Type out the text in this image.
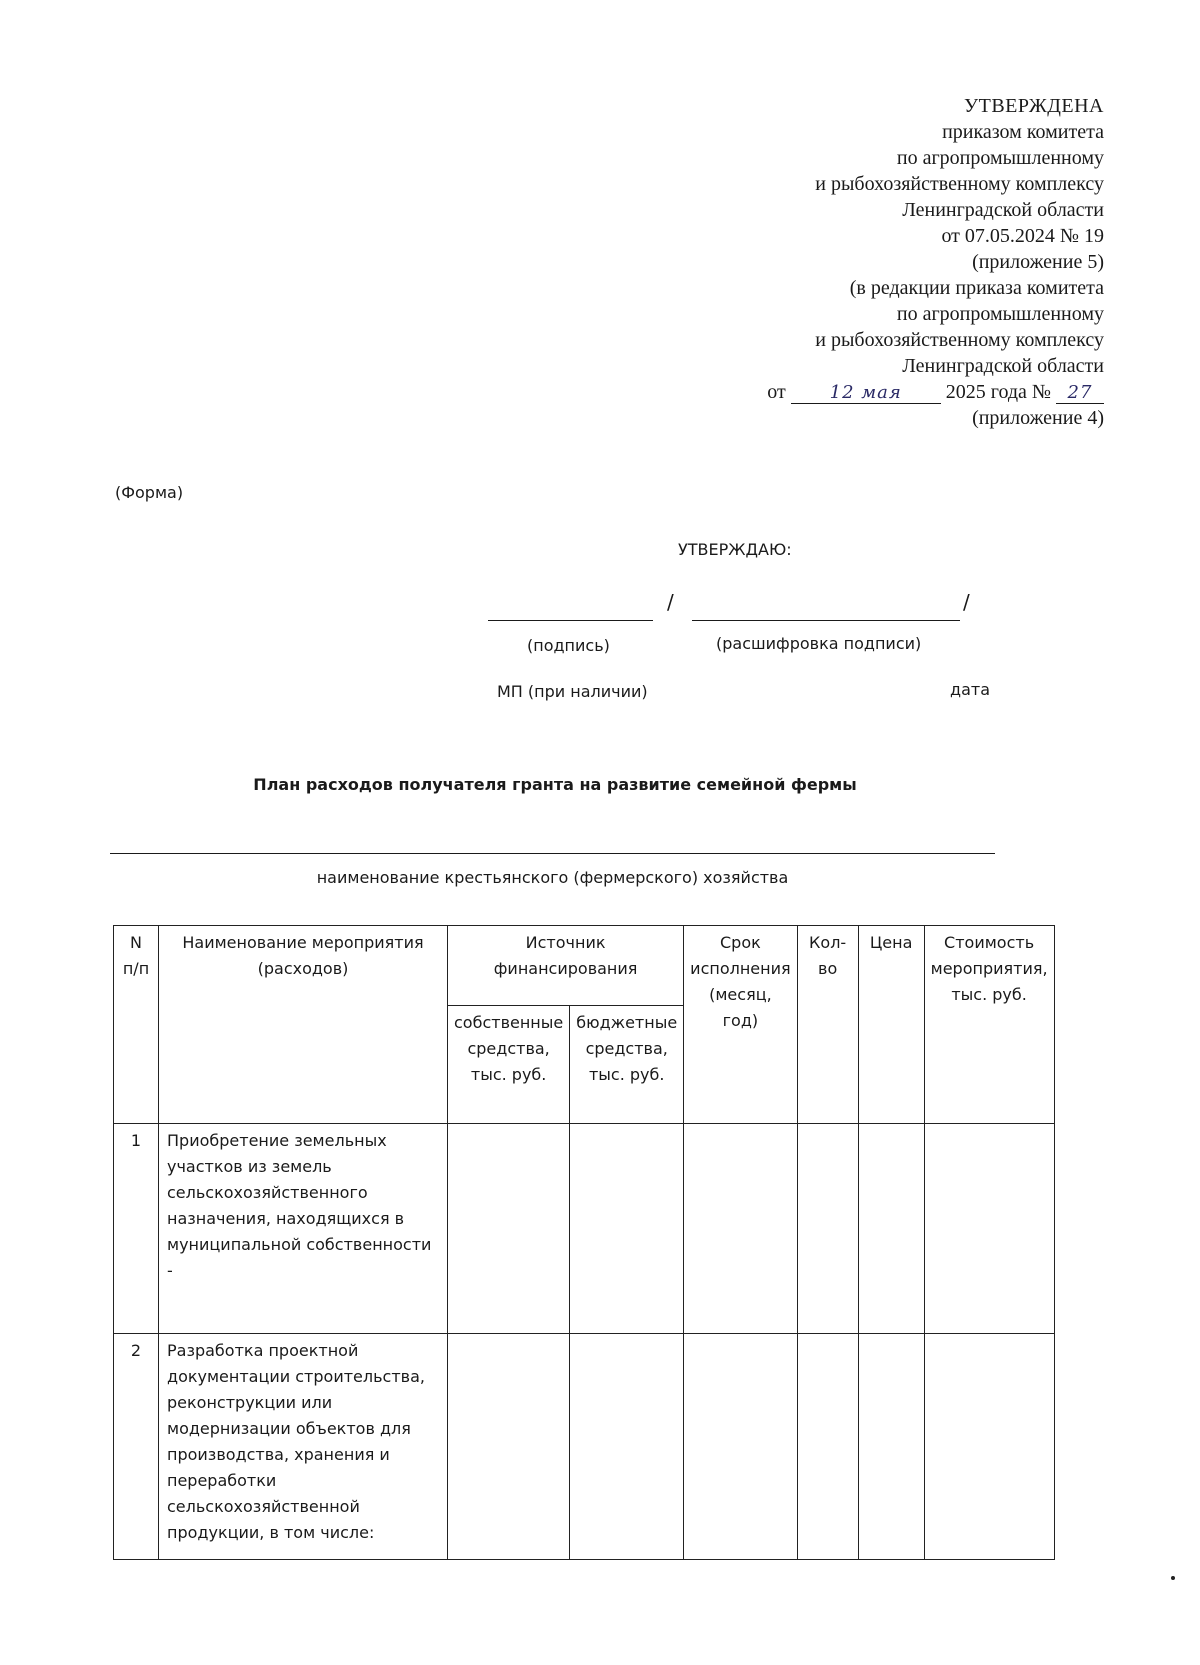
УТВЕРЖДЕНА
приказом комитета
по агропромышленному
и рыбохозяйственному комплексу
Ленинградской области
от 07.05.2024 № 19
(приложение 5)
(в редакции приказа комитета
по агропромышленному
и рыбохозяйственному комплексу
Ленинградской области
от 12 мая 2025 года № 27
(приложение 4)
(Форма)
УТВЕРЖДАЮ:
/	/
(подпись)	(расшифровка подписи)
МП (при наличии)	дата
План расходов получателя гранта на развитие семейной фермы
наименование крестьянского (фермерского) хозяйства
N п/п	Наименование мероприятия (расходов)	Источник финансирования		Срок исполнения (месяц, год)	Кол-во	Цена	Стоимость мероприятия, тыс. руб.
		собственные средства, тыс. руб.	бюджетные средства, тыс. руб.				
1	Приобретение земельных участков из земель сельскохозяйственного назначения, находящихся в муниципальной собственности
-						

2	Разработка проектной документации строительства, реконструкции или модернизации объектов для производства, хранения и переработки сельскохозяйственной продукции, в том числе:						
